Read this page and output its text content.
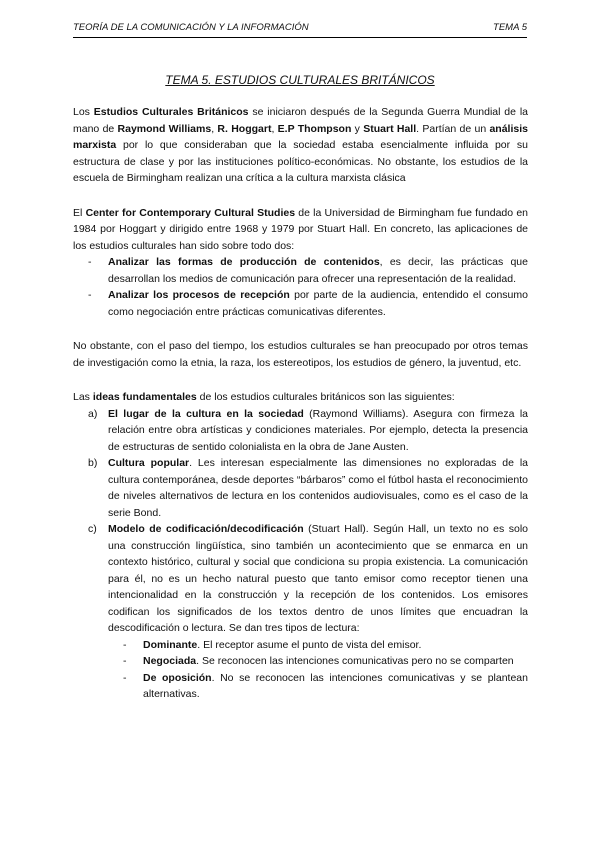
TEORÍA DE LA COMUNICACIÓN Y LA INFORMACIÓN	TEMA 5
TEMA 5. ESTUDIOS CULTURALES BRITÁNICOS

Los Estudios Culturales Británicos se iniciaron después de la Segunda Guerra Mundial de la mano de Raymond Williams, R. Hoggart, E.P Thompson y Stuart Hall. Partían de un análisis marxista por lo que consideraban que la sociedad estaba esencialmente influida por su estructura de clase y por las instituciones político-económicas. No obstante, los estudios de la escuela de Birmingham realizan una crítica a la cultura marxista clásica

El Center for Contemporary Cultural Studies de la Universidad de Birmingham fue fundado en 1984 por Hoggart y dirigido entre 1968 y 1979 por Stuart Hall. En concreto, las aplicaciones de los estudios culturales han sido sobre todo dos:

- Analizar las formas de producción de contenidos, es decir, las prácticas que desarrollan los medios de comunicación para ofrecer una representación de la realidad.
- Analizar los procesos de recepción por parte de la audiencia, entendido el consumo como negociación entre prácticas comunicativas diferentes.

No obstante, con el paso del tiempo, los estudios culturales se han preocupado por otros temas de investigación como la etnia, la raza, los estereotipos, los estudios de género, la juventud, etc.

Las ideas fundamentales de los estudios culturales británicos son las siguientes:

a) El lugar de la cultura en la sociedad (Raymond Williams). Asegura con firmeza la relación entre obra artísticas y condiciones materiales. Por ejemplo, detecta la presencia de estructuras de sentido colonialista en la obra de Jane Austen.
b) Cultura popular. Les interesan especialmente las dimensiones no exploradas de la cultura contemporánea, desde deportes “bárbaros” como el fútbol hasta el reconocimiento de niveles alternativos de lectura en los contenidos audiovisuales, como es el caso de la serie Bond.
c) Modelo de codificación/decodificación (Stuart Hall). Según Hall, un texto no es solo una construcción lingüística, sino también un acontecimiento que se enmarca en un contexto histórico, cultural y social que condiciona su propia existencia. La comunicación para él, no es un hecho natural puesto que tanto emisor como receptor tienen una intencionalidad en la construcción y la recepción de los contenidos. Los emisores codifican los significados de los textos dentro de unos límites que encuadran la descodificación o lectura. Se dan tres tipos de lectura:
- Dominante. El receptor asume el punto de vista del emisor.
- Negociada. Se reconocen las intenciones comunicativas pero no se comparten
- De oposición. No se reconocen las intenciones comunicativas y se plantean alternativas.
